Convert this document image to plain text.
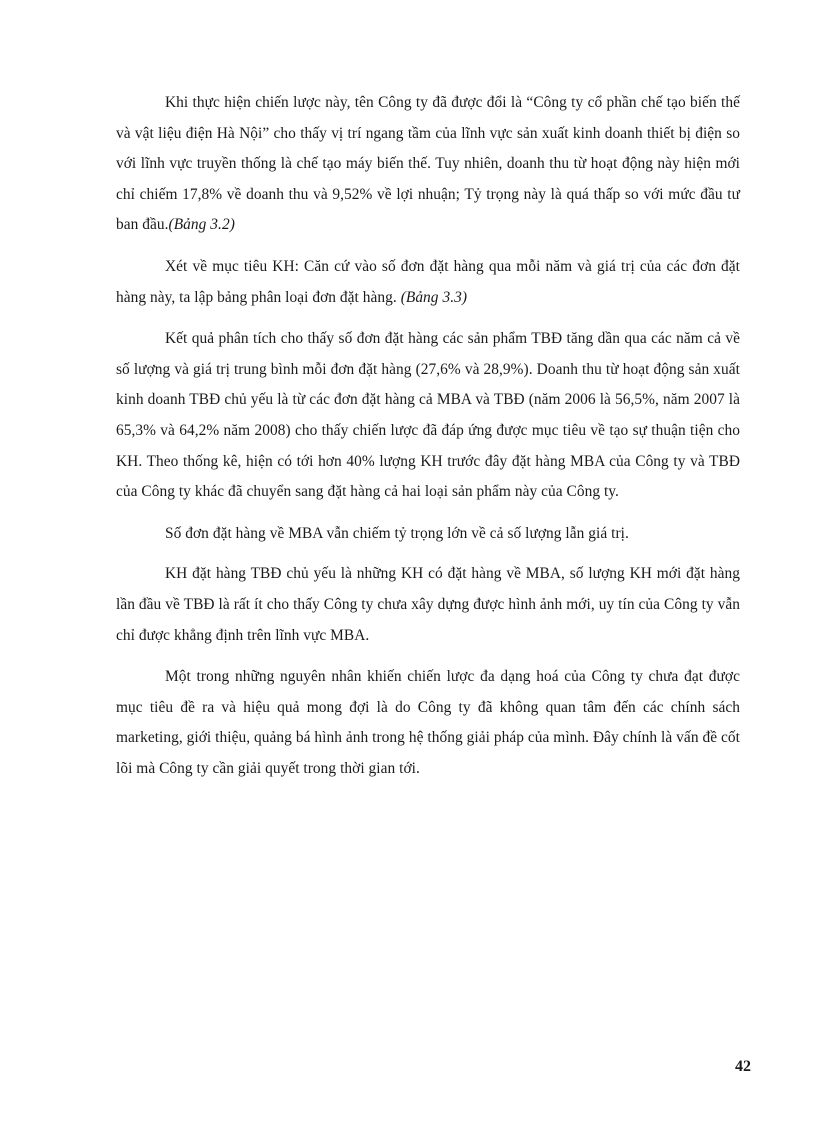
Khi thực hiện chiến lược này, tên Công ty đã được đổi là “Công ty cổ phần chế tạo biến thế và vật liệu điện Hà Nội” cho thấy vị trí ngang tầm của lĩnh vực sản xuất kinh doanh thiết bị điện so với lĩnh vực truyền thống là chế tạo máy biến thế. Tuy nhiên, doanh thu từ hoạt động này hiện mới chỉ chiếm 17,8% về doanh thu và 9,52% về lợi nhuận; Tỷ trọng này là quá thấp so với mức đầu tư ban đầu.(Bảng 3.2)

Xét về mục tiêu KH: Căn cứ vào số đơn đặt hàng qua mỗi năm và giá trị của các đơn đặt hàng này, ta lập bảng phân loại đơn đặt hàng. (Bảng 3.3)

Kết quả phân tích cho thấy số đơn đặt hàng các sản phẩm TBĐ tăng dần qua các năm cả về số lượng và giá trị trung bình mỗi đơn đặt hàng (27,6% và 28,9%). Doanh thu từ hoạt động sản xuất kinh doanh TBĐ chủ yếu là từ các đơn đặt hàng cả MBA và TBĐ (năm 2006 là 56,5%, năm 2007 là 65,3% và 64,2% năm 2008) cho thấy chiến lược đã đáp ứng được mục tiêu về tạo sự thuận tiện cho KH. Theo thống kê, hiện có tới hơn 40% lượng KH trước đây đặt hàng MBA của Công ty và TBĐ của Công ty khác đã chuyển sang đặt hàng cả hai loại sản phẩm này của Công ty.

Số đơn đặt hàng về MBA vẫn chiếm tỷ trọng lớn về cả số lượng lẫn giá trị.

KH đặt hàng TBĐ chủ yếu là những KH có đặt hàng về MBA, số lượng KH mới đặt hàng lần đầu về TBĐ là rất ít cho thấy Công ty chưa xây dựng được hình ảnh mới, uy tín của Công ty vẫn chỉ được khẳng định trên lĩnh vực MBA.

Một trong những nguyên nhân khiến chiến lược đa dạng hoá của Công ty chưa đạt được mục tiêu đề ra và hiệu quả mong đợi là do Công ty đã không quan tâm đến các chính sách marketing, giới thiệu, quảng bá hình ảnh trong hệ thống giải pháp của mình. Đây chính là vấn đề cốt lõi mà Công ty cần giải quyết trong thời gian tới.

42
